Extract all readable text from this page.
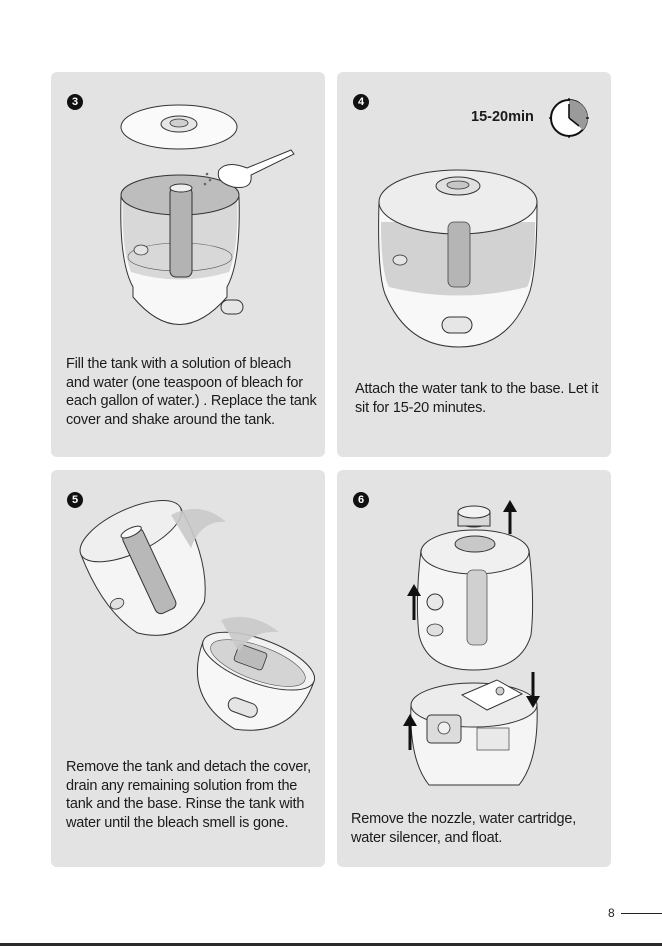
3
Fill the tank with a solution of bleach and water (one teaspoon of bleach for each gallon of water.) . Replace the tank cover and shake around the tank.
4
15-20min
Attach the water tank to the base. Let it sit for 15-20 minutes.
5
Remove the tank and detach the cover, drain any remaining solution from the tank and the base. Rinse the tank with water until the bleach smell is gone.
6
Remove the nozzle, water cartridge, water silencer, and float.
8
